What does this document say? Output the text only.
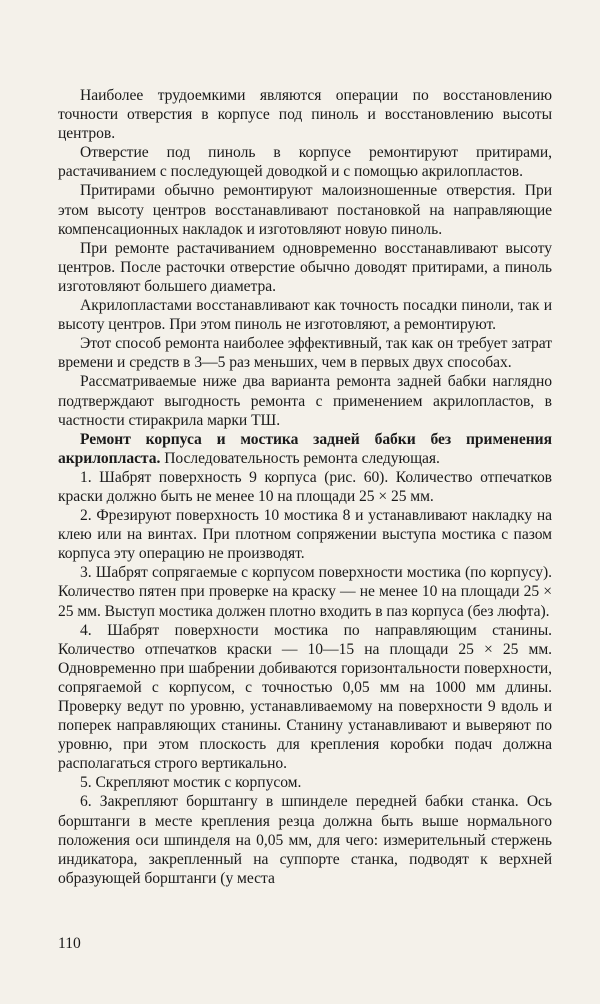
Наиболее трудоемкими являются операции по восстановлению точности отверстия в корпусе под пиноль и восстановлению высоты центров.

Отверстие под пиноль в корпусе ремонтируют притирами, растачиванием с последующей доводкой и с помощью акрилопластов.

Притирами обычно ремонтируют малоизношенные отверстия. При этом высоту центров восстанавливают постановкой на направляющие компенсационных накладок и изготовляют новую пиноль.

При ремонте растачиванием одновременно восстанавливают высоту центров. После расточки отверстие обычно доводят притирами, а пиноль изготовляют большего диаметра.

Акрилопластами восстанавливают как точность посадки пиноли, так и высоту центров. При этом пиноль не изготовляют, а ремонтируют.

Этот способ ремонта наиболее эффективный, так как он требует затрат времени и средств в 3—5 раз меньших, чем в первых двух способах.

Рассматриваемые ниже два варианта ремонта задней бабки наглядно подтверждают выгодность ремонта с применением акрилопластов, в частности стиракрила марки ТШ.

Ремонт корпуса и мостика задней бабки без применения акрилопласта. Последовательность ремонта следующая.

1. Шабрят поверхность 9 корпуса (рис. 60). Количество отпечатков краски должно быть не менее 10 на площади 25 × 25 мм.

2. Фрезируют поверхность 10 мостика 8 и устанавливают накладку на клею или на винтах. При плотном сопряжении выступа мостика с пазом корпуса эту операцию не производят.

3. Шабрят сопрягаемые с корпусом поверхности мостика (по корпусу). Количество пятен при проверке на краску — не менее 10 на площади 25 × 25 мм. Выступ мостика должен плотно входить в паз корпуса (без люфта).

4. Шабрят поверхности мостика по направляющим станины. Количество отпечатков краски — 10—15 на площади 25 × 25 мм. Одновременно при шабрении добиваются горизонтальности поверхности, сопрягаемой с корпусом, с точностью 0,05 мм на 1000 мм длины. Проверку ведут по уровню, устанавливаемому на поверхности 9 вдоль и поперек направляющих станины. Станину устанавливают и выверяют по уровню, при этом плоскость для крепления коробки подач должна располагаться строго вертикально.

5. Скрепляют мостик с корпусом.

6. Закрепляют борштангу в шпинделе передней бабки станка. Ось борштанги в месте крепления резца должна быть выше нормального положения оси шпинделя на 0,05 мм, для чего: измерительный стержень индикатора, закрепленный на суппорте станка, подводят к верхней образующей борштанги (у места

110
